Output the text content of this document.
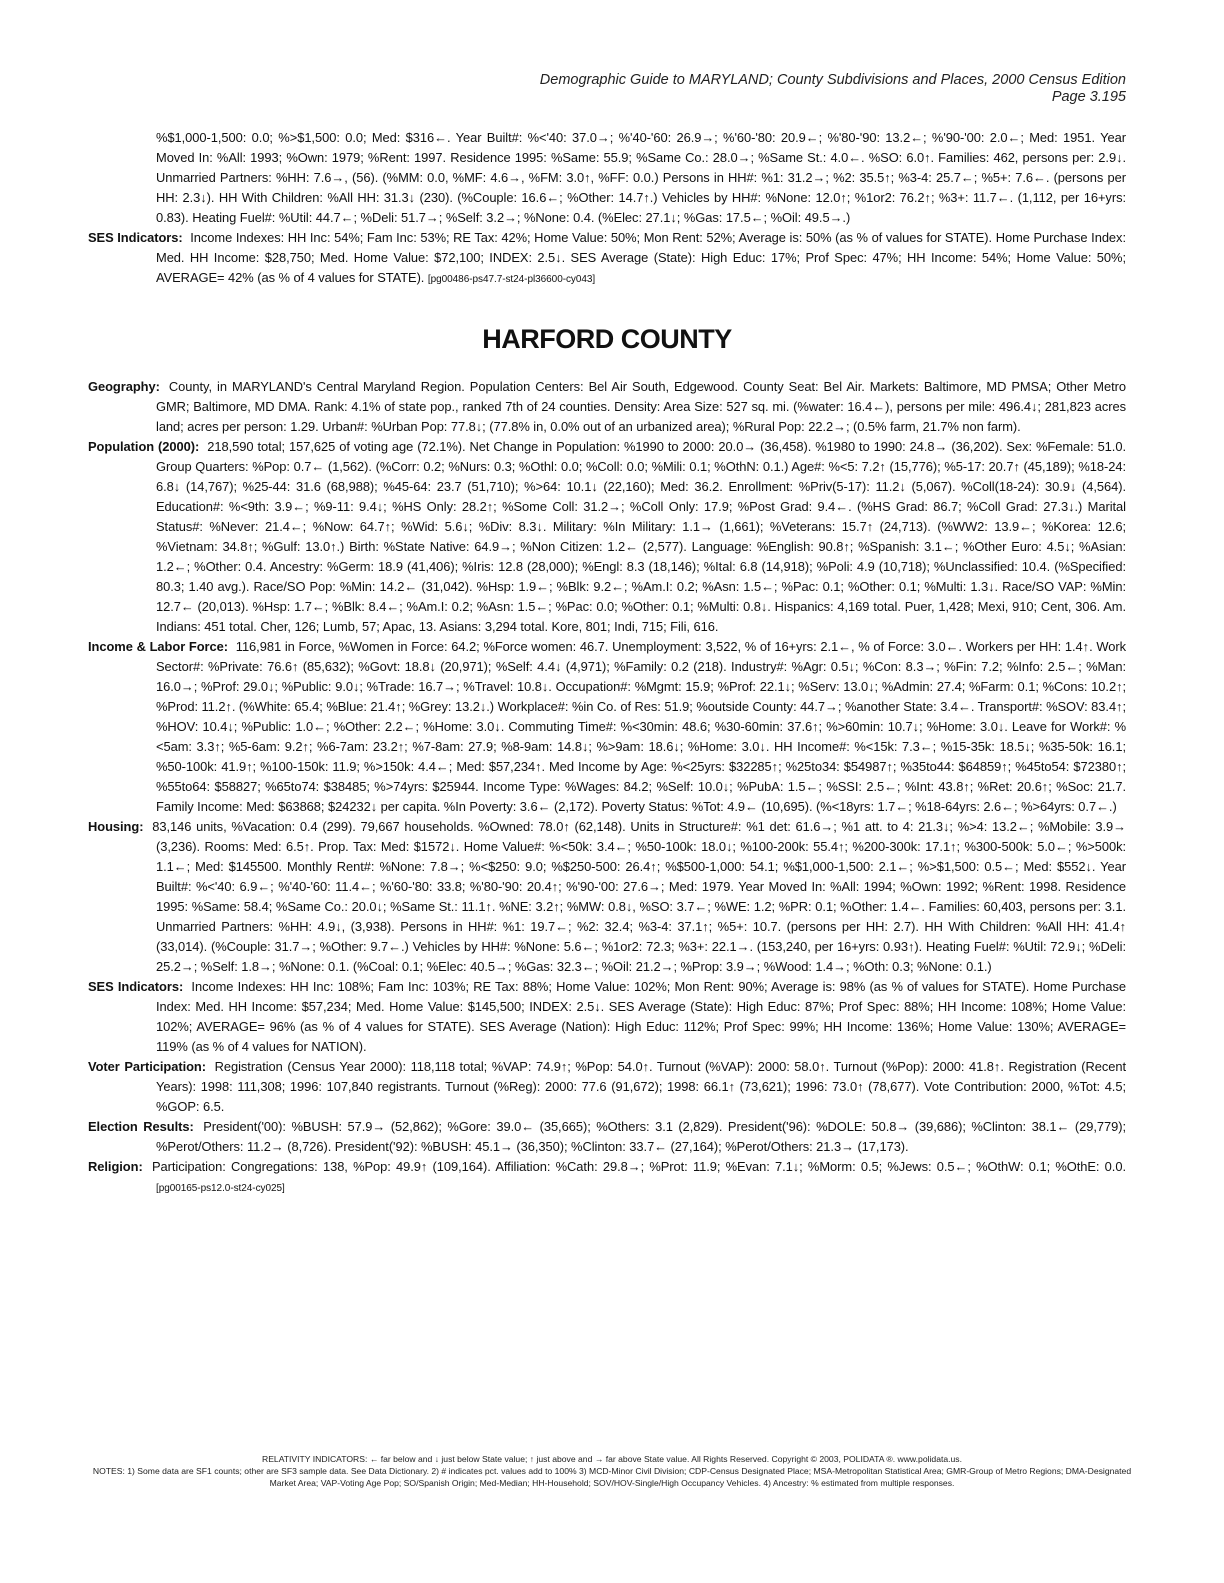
Demographic Guide to MARYLAND; County Subdivisions and Places, 2000 Census Edition
Page 3.195
%$1,000-1,500: 0.0; %>$1,500: 0.0; Med: $316←. Year Built#: %<'40: 37.0→; %'40-'60: 26.9→; %'60-'80: 20.9←; %'80-'90: 13.2←; %'90-'00: 2.0←; Med: 1951. Year Moved In: %All: 1993; %Own: 1979; %Rent: 1997. Residence 1995: %Same: 55.9; %Same Co.: 28.0→; %Same St.: 4.0←. %SO: 6.0↑. Families: 462, persons per: 2.9↓. Unmarried Partners: %HH: 7.6→, (56). (%MM: 0.0, %MF: 4.6→, %FM: 3.0↑, %FF: 0.0.) Persons in HH#: %1: 31.2→; %2: 35.5↑; %3-4: 25.7←; %5+: 7.6←. (persons per HH: 2.3↓). HH With Children: %All HH: 31.3↓ (230). (%Couple: 16.6←; %Other: 14.7↑.) Vehicles by HH#: %None: 12.0↑; %1or2: 76.2↑; %3+: 11.7←. (1,112, per 16+yrs: 0.83). Heating Fuel#: %Util: 44.7←; %Deli: 51.7→; %Self: 3.2→; %None: 0.4. (%Elec: 27.1↓; %Gas: 17.5←; %Oil: 49.5→.)
SES Indicators: Income Indexes: HH Inc: 54%; Fam Inc: 53%; RE Tax: 42%; Home Value: 50%; Mon Rent: 52%; Average is: 50% (as % of values for STATE). Home Purchase Index: Med. HH Income: $28,750; Med. Home Value: $72,100; INDEX: 2.5↓. SES Average (State): High Educ: 17%; Prof Spec: 47%; HH Income: 54%; Home Value: 50%; AVERAGE= 42% (as % of 4 values for STATE). [pg00486-ps47.7-st24-pl36600-cy043]
HARFORD COUNTY
Geography: County, in MARYLAND's Central Maryland Region. Population Centers: Bel Air South, Edgewood. County Seat: Bel Air. Markets: Baltimore, MD PMSA; Other Metro GMR; Baltimore, MD DMA. Rank: 4.1% of state pop., ranked 7th of 24 counties. Density: Area Size: 527 sq. mi. (%water: 16.4←), persons per mile: 496.4↓; 281,823 acres land; acres per person: 1.29. Urban#: %Urban Pop: 77.8↓; (77.8% in, 0.0% out of an urbanized area); %Rural Pop: 22.2→; (0.5% farm, 21.7% non farm).
Population (2000): 218,590 total; 157,625 of voting age (72.1%). Net Change in Population: %1990 to 2000: 20.0→ (36,458). %1980 to 1990: 24.8→ (36,202). Sex: %Female: 51.0. Group Quarters: %Pop: 0.7← (1,562). (%Corr: 0.2; %Nurs: 0.3; %Othl: 0.0; %Coll: 0.0; %Mili: 0.1; %OthN: 0.1.) Age#: %<5: 7.2↑ (15,776); %5-17: 20.7↑ (45,189); %18-24: 6.8↓ (14,767); %25-44: 31.6 (68,988); %45-64: 23.7 (51,710); %>64: 10.1↓ (22,160); Med: 36.2. Enrollment: %Priv(5-17): 11.2↓ (5,067). %Coll(18-24): 30.9↓ (4,564). Education#: %<9th: 3.9←; %9-11: 9.4↓; %HS Only: 28.2↑; %Some Coll: 31.2→; %Coll Only: 17.9; %Post Grad: 9.4←. (%HS Grad: 86.7; %Coll Grad: 27.3↓.) Marital Status#: %Never: 21.4←; %Now: 64.7↑; %Wid: 5.6↓; %Div: 8.3↓. Military: %In Military: 1.1→ (1,661); %Veterans: 15.7↑ (24,713). (%WW2: 13.9←; %Korea: 12.6; %Vietnam: 34.8↑; %Gulf: 13.0↑.) Birth: %State Native: 64.9→; %Non Citizen: 1.2← (2,577). Language: %English: 90.8↑; %Spanish: 3.1←; %Other Euro: 4.5↓; %Asian: 1.2←; %Other: 0.4. Ancestry: %Germ: 18.9 (41,406); %Iris: 12.8 (28,000); %Engl: 8.3 (18,146); %Ital: 6.8 (14,918); %Poli: 4.9 (10,718); %Unclassified: 10.4. (%Specified: 80.3; 1.40 avg.). Race/SO Pop: %Min: 14.2← (31,042). %Hsp: 1.9←; %Blk: 9.2←; %Am.I: 0.2; %Asn: 1.5←; %Pac: 0.1; %Other: 0.1; %Multi: 1.3↓. Race/SO VAP: %Min: 12.7← (20,013). %Hsp: 1.7←; %Blk: 8.4←; %Am.I: 0.2; %Asn: 1.5←; %Pac: 0.0; %Other: 0.1; %Multi: 0.8↓. Hispanics: 4,169 total. Puer, 1,428; Mexi, 910; Cent, 306. Am. Indians: 451 total. Cher, 126; Lumb, 57; Apac, 13. Asians: 3,294 total. Kore, 801; Indi, 715; Fili, 616.
Income & Labor Force: 116,981 in Force, %Women in Force: 64.2; %Force women: 46.7. Unemployment: 3,522, % of 16+yrs: 2.1←, % of Force: 3.0←. Workers per HH: 1.4↑. Work Sector#: %Private: 76.6↑ (85,632); %Govt: 18.8↓ (20,971); %Self: 4.4↓ (4,971); %Family: 0.2 (218). Industry#: %Agr: 0.5↓; %Con: 8.3→; %Fin: 7.2; %Info: 2.5←; %Man: 16.0→; %Prof: 29.0↓; %Public: 9.0↓; %Trade: 16.7→; %Travel: 10.8↓. Occupation#: %Mgmt: 15.9; %Prof: 22.1↓; %Serv: 13.0↓; %Admin: 27.4; %Farm: 0.1; %Cons: 10.2↑; %Prod: 11.2↑. (%White: 65.4; %Blue: 21.4↑; %Grey: 13.2↓.) Workplace#: %in Co. of Res: 51.9; %outside County: 44.7→; %another State: 3.4←. Transport#: %SOV: 83.4↑; %HOV: 10.4↓; %Public: 1.0←; %Other: 2.2←; %Home: 3.0↓. Commuting Time#: %<30min: 48.6; %30-60min: 37.6↑; %>60min: 10.7↓; %Home: 3.0↓. Leave for Work#: %<5am: 3.3↑; %5-6am: 9.2↑; %6-7am: 23.2↑; %7-8am: 27.9; %8-9am: 14.8↓; %>9am: 18.6↓; %Home: 3.0↓. HH Income#: %<15k: 7.3←; %15-35k: 18.5↓; %35-50k: 16.1; %50-100k: 41.9↑; %100-150k: 11.9; %>150k: 4.4←; Med: $57,234↑. Med Income by Age: %<25yrs: $32285↑; %25to34: $54987↑; %35to44: $64859↑; %45to54: $72380↑; %55to64: $58827; %65to74: $38485; %>74yrs: $25944. Income Type: %Wages: 84.2; %Self: 10.0↓; %PubA: 1.5←; %SSI: 2.5←; %Int: 43.8↑; %Ret: 20.6↑; %Soc: 21.7. Family Income: Med: $63868; $24232↓ per capita. %In Poverty: 3.6← (2,172). Poverty Status: %Tot: 4.9← (10,695). (%<18yrs: 1.7←; %18-64yrs: 2.6←; %>64yrs: 0.7←.)
Housing: 83,146 units, %Vacation: 0.4 (299). 79,667 households. %Owned: 78.0↑ (62,148). Units in Structure#: %1 det: 61.6→; %1 att. to 4: 21.3↓; %>4: 13.2←; %Mobile: 3.9→ (3,236). Rooms: Med: 6.5↑. Prop. Tax: Med: $1572↓. Home Value#: %<50k: 3.4←; %50-100k: 18.0↓; %100-200k: 55.4↑; %200-300k: 17.1↑; %300-500k: 5.0←; %>500k: 1.1←; Med: $145500. Monthly Rent#: %None: 7.8→; %<$250: 9.0; %$250-500: 26.4↑; %$500-1,000: 54.1; %$1,000-1,500: 2.1←; %>$1,500: 0.5←; Med: $552↓. Year Built#: %<'40: 6.9←; %'40-'60: 11.4←; %'60-'80: 33.8; %'80-'90: 20.4↑; %'90-'00: 27.6→; Med: 1979. Year Moved In: %All: 1994; %Own: 1992; %Rent: 1998. Residence 1995: %Same: 58.4; %Same Co.: 20.0↓; %Same St.: 11.1↑. %NE: 3.2↑; %MW: 0.8↓, %SO: 3.7←; %WE: 1.2; %PR: 0.1; %Other: 1.4←. Families: 60,403, persons per: 3.1. Unmarried Partners: %HH: 4.9↓, (3,938). Persons in HH#: %1: 19.7←; %2: 32.4; %3-4: 37.1↑; %5+: 10.7. (persons per HH: 2.7). HH With Children: %All HH: 41.4↑ (33,014). (%Couple: 31.7→; %Other: 9.7←.) Vehicles by HH#: %None: 5.6←; %1or2: 72.3; %3+: 22.1→. (153,240, per 16+yrs: 0.93↑). Heating Fuel#: %Util: 72.9↓; %Deli: 25.2→; %Self: 1.8→; %None: 0.1. (%Coal: 0.1; %Elec: 40.5→; %Gas: 32.3←; %Oil: 21.2→; %Prop: 3.9→; %Wood: 1.4→; %Oth: 0.3; %None: 0.1.)
SES Indicators: Income Indexes: HH Inc: 108%; Fam Inc: 103%; RE Tax: 88%; Home Value: 102%; Mon Rent: 90%; Average is: 98% (as % of values for STATE). Home Purchase Index: Med. HH Income: $57,234; Med. Home Value: $145,500; INDEX: 2.5↓. SES Average (State): High Educ: 87%; Prof Spec: 88%; HH Income: 108%; Home Value: 102%; AVERAGE= 96% (as % of 4 values for STATE). SES Average (Nation): High Educ: 112%; Prof Spec: 99%; HH Income: 136%; Home Value: 130%; AVERAGE= 119% (as % of 4 values for NATION).
Voter Participation: Registration (Census Year 2000): 118,118 total; %VAP: 74.9↑; %Pop: 54.0↑. Turnout (%VAP): 2000: 58.0↑. Turnout (%Pop): 2000: 41.8↑. Registration (Recent Years): 1998: 111,308; 1996: 107,840 registrants. Turnout (%Reg): 2000: 77.6 (91,672); 1998: 66.1↑ (73,621); 1996: 73.0↑ (78,677). Vote Contribution: 2000, %Tot: 4.5; %GOP: 6.5.
Election Results: President('00): %BUSH: 57.9→ (52,862); %Gore: 39.0← (35,665); %Others: 3.1 (2,829). President('96): %DOLE: 50.8→ (39,686); %Clinton: 38.1← (29,779); %Perot/Others: 11.2→ (8,726). President('92): %BUSH: 45.1→ (36,350); %Clinton: 33.7← (27,164); %Perot/Others: 21.3→ (17,173).
Religion: Participation: Congregations: 138, %Pop: 49.9↑ (109,164). Affiliation: %Cath: 29.8→; %Prot: 11.9; %Evan: 7.1↓; %Morm: 0.5; %Jews: 0.5←; %OthW: 0.1; %OthE: 0.0. [pg00165-ps12.0-st24-cy025]
RELATIVITY INDICATORS: ← far below and ↓ just below State value; ↑ just above and → far above State value. All Rights Reserved. Copyright © 2003, POLIDATA ®. www.polidata.us.
NOTES: 1) Some data are SF1 counts; other are SF3 sample data. See Data Dictionary. 2) # indicates pct. values add to 100% 3) MCD-Minor Civil Division; CDP-Census Designated Place; MSA-Metropolitan Statistical Area; GMR-Group of Metro Regions; DMA-Designated Market Area; VAP-Voting Age Pop; SO/Spanish Origin; Med-Median; HH-Household; SOV/HOV-Single/High Occupancy Vehicles. 4) Ancestry: % estimated from multiple responses.
